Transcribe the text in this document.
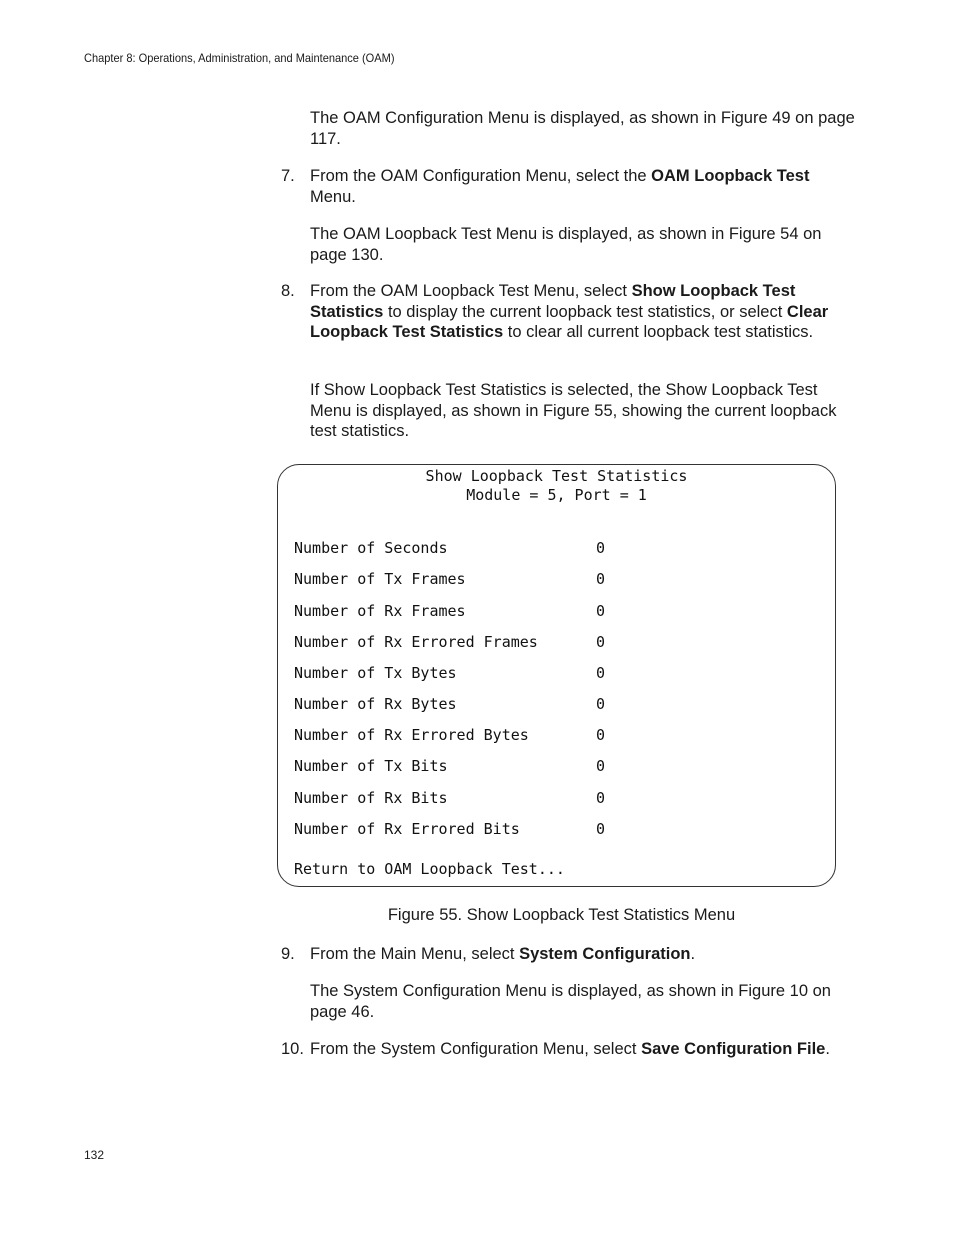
Chapter 8: Operations, Administration, and Maintenance (OAM)
The OAM Configuration Menu is displayed, as shown in Figure 49 on page 117.
7. From the OAM Configuration Menu, select the OAM Loopback Test Menu.
The OAM Loopback Test Menu is displayed, as shown in Figure 54 on page 130.
8. From the OAM Loopback Test Menu, select Show Loopback Test Statistics to display the current loopback test statistics, or select Clear Loopback Test Statistics to clear all current loopback test statistics.
If Show Loopback Test Statistics is selected, the Show Loopback Test Menu is displayed, as shown in Figure 55, showing the current loopback test statistics.
Show Loopback Test Statistics
Module = 5, Port = 1
Number of Seconds	0
Number of Tx Frames	0
Number of Rx Frames	0
Number of Rx Errored Frames	0
Number of Tx Bytes	0
Number of Rx Bytes	0
Number of Rx Errored Bytes	0
Number of Tx Bits	0
Number of Rx Bits	0
Number of Rx Errored Bits	0
Return to OAM Loopback Test...
Figure 55. Show Loopback Test Statistics Menu
9. From the Main Menu, select System Configuration.
The System Configuration Menu is displayed, as shown in Figure 10 on page 46.
10. From the System Configuration Menu, select Save Configuration File.
132
